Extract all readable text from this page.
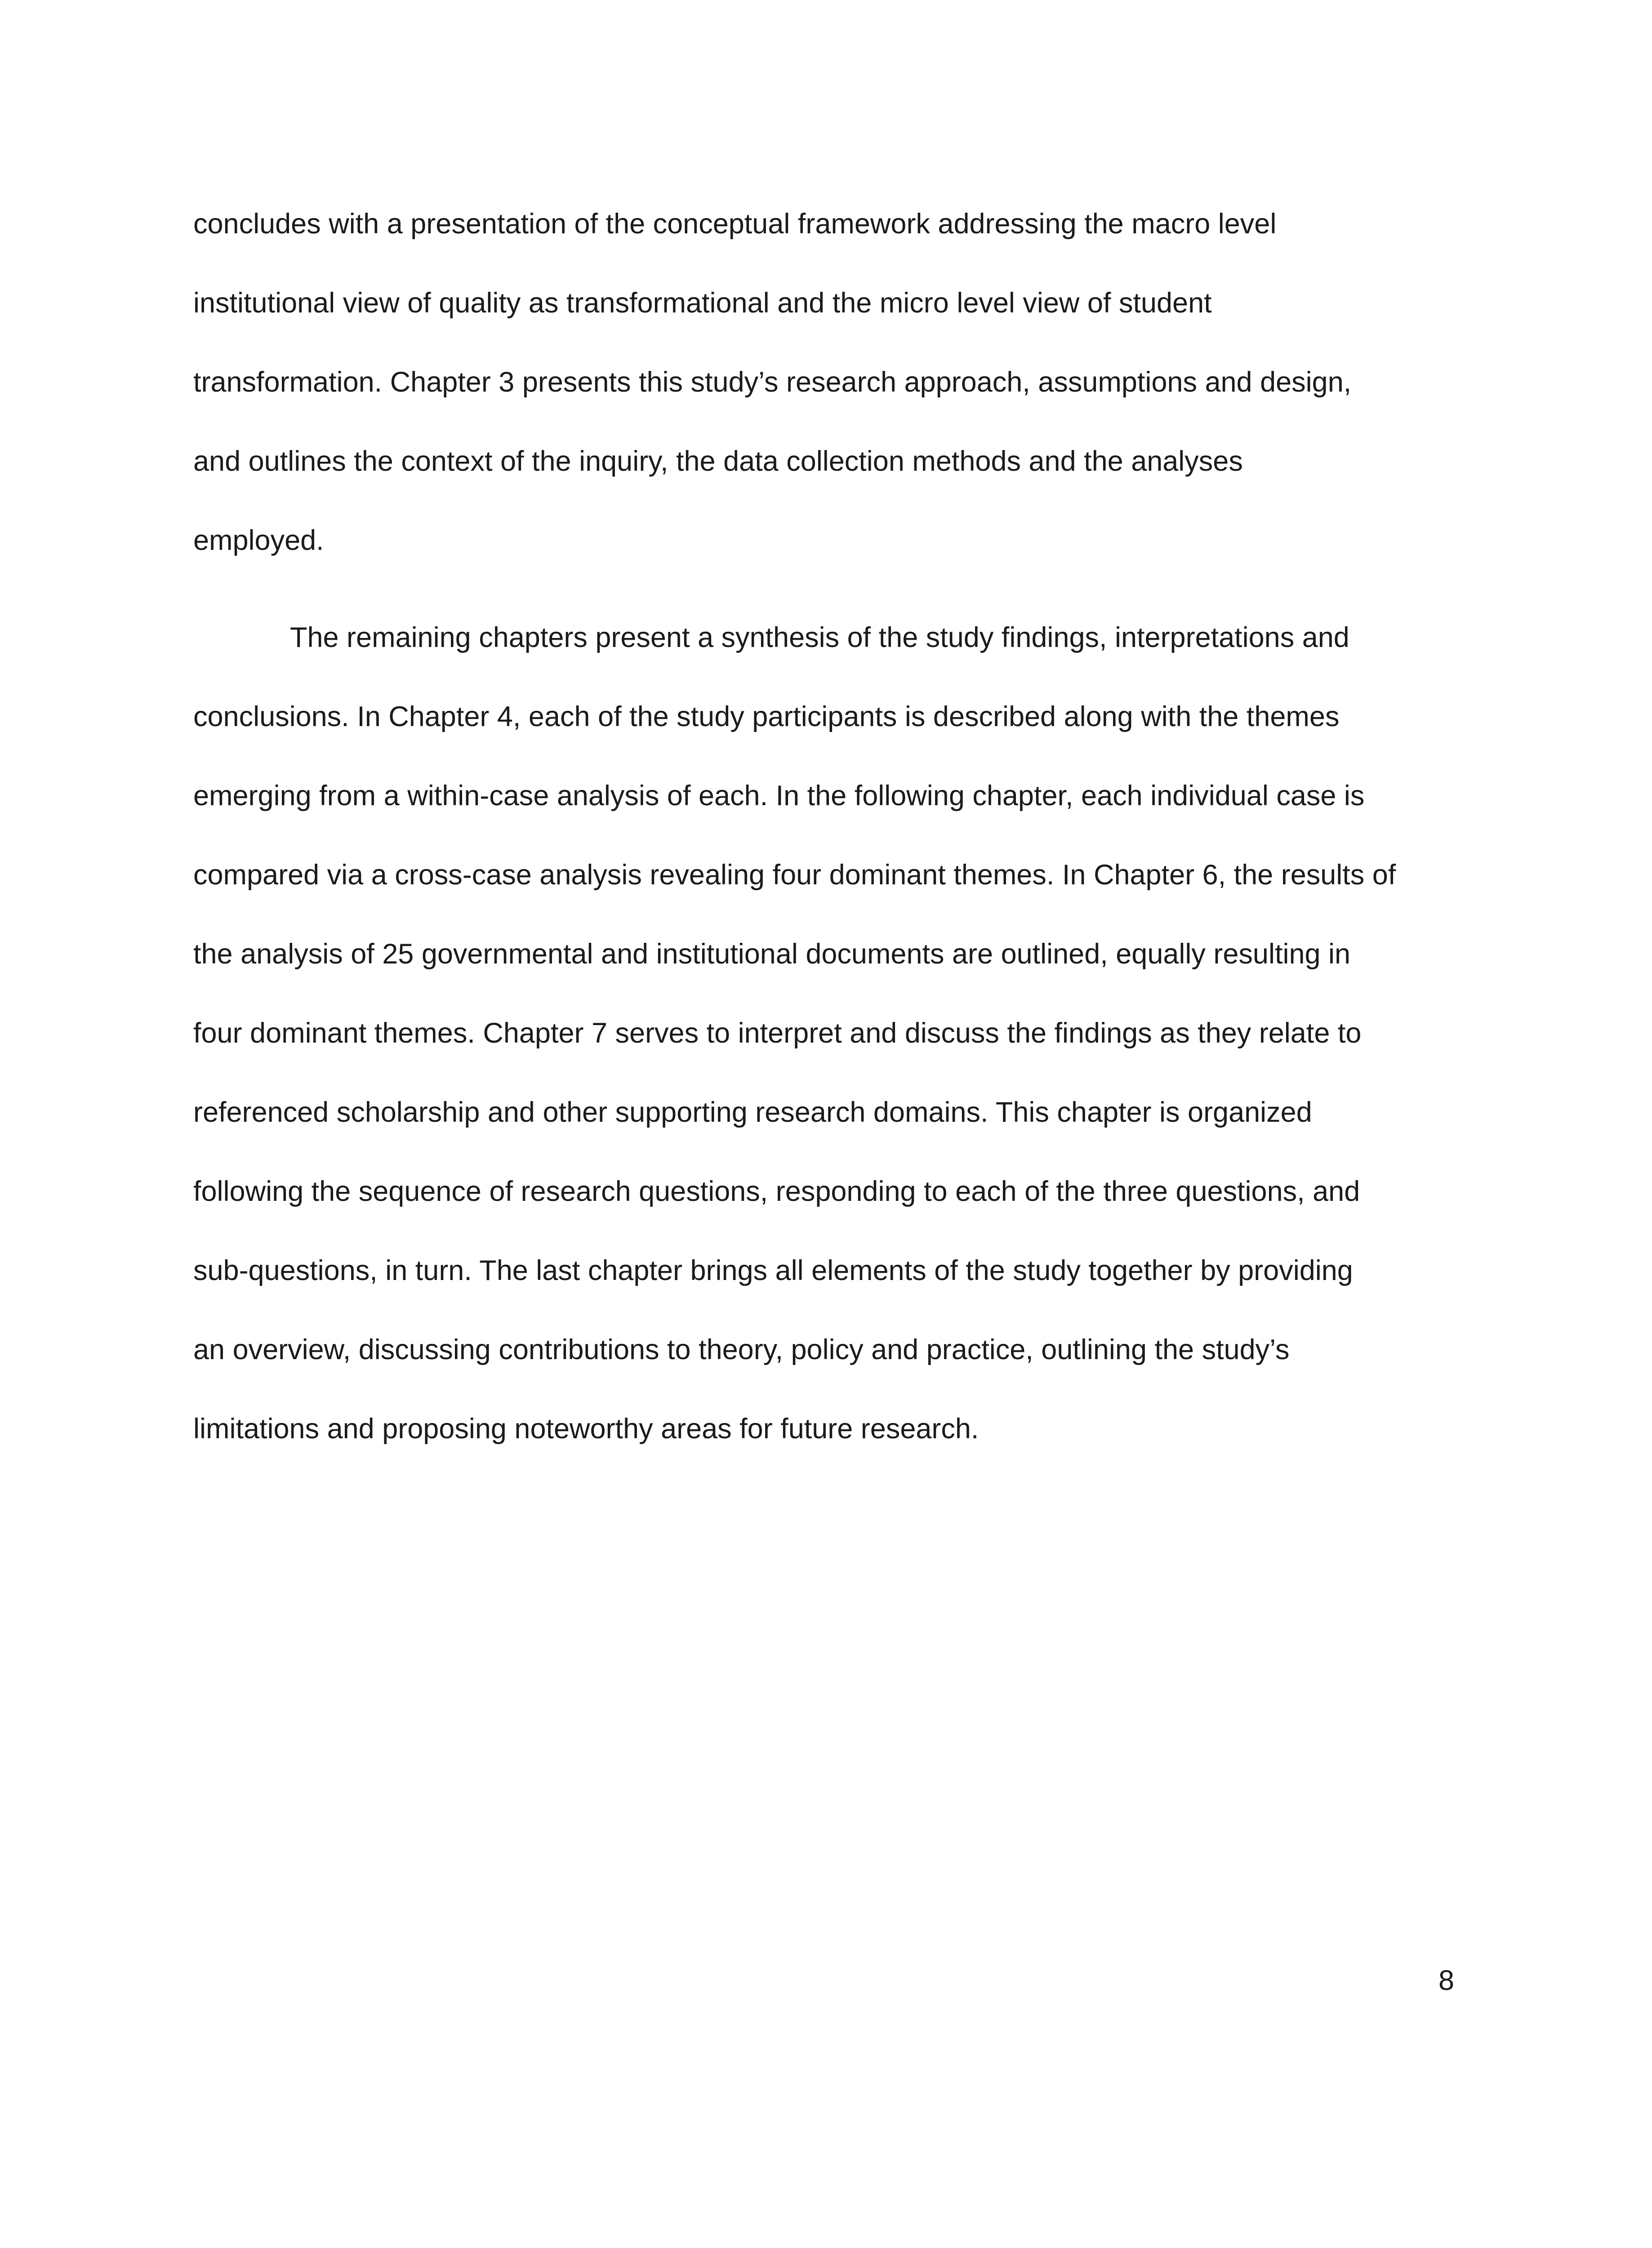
concludes with a presentation of the conceptual framework addressing the macro level
institutional view of quality as transformational and the micro level view of student
transformation. Chapter 3 presents this study’s research approach, assumptions and design,
and outlines the context of the inquiry, the data collection methods and the analyses
employed.
The remaining chapters present a synthesis of the study findings, interpretations and
conclusions. In Chapter 4, each of the study participants is described along with the themes
emerging from a within-case analysis of each. In the following chapter, each individual case is
compared via a cross-case analysis revealing four dominant themes. In Chapter 6, the results of
the analysis of 25 governmental and institutional documents are outlined, equally resulting in
four dominant themes. Chapter 7 serves to interpret and discuss the findings as they relate to
referenced scholarship and other supporting research domains. This chapter is organized
following the sequence of research questions, responding to each of the three questions, and
sub-questions, in turn. The last chapter brings all elements of the study together by providing
an overview, discussing contributions to theory, policy and practice, outlining the study’s
limitations and proposing noteworthy areas for future research.
8
